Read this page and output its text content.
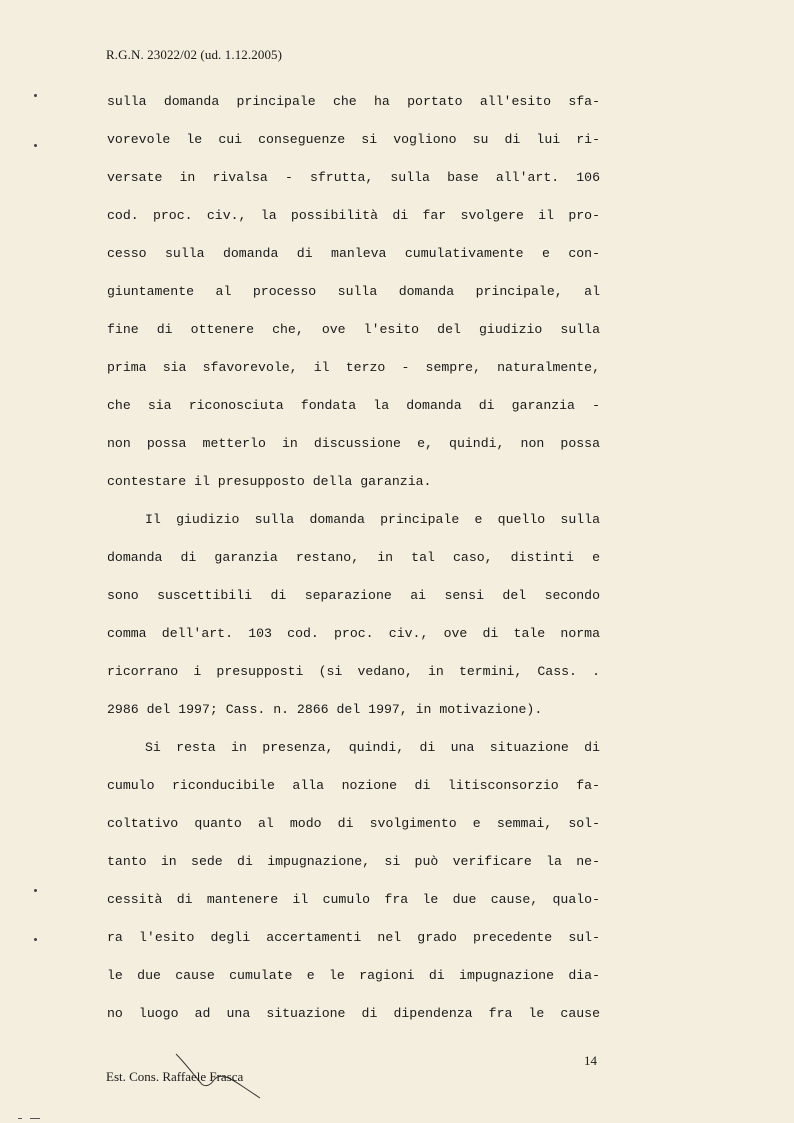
R.G.N. 23022/02 (ud. 1.12.2005)
sulla domanda principale che ha portato all'esito sfa-
vorevole le cui conseguenze si vogliono su di lui ri-
versate in rivalsa - sfrutta, sulla base all'art. 106
cod. proc. civ., la possibilità di far svolgere il pro-
cesso sulla domanda di manleva cumulativamente e con-
giuntamente al processo sulla domanda principale, al
fine di ottenere che, ove l'esito del giudizio sulla
prima sia sfavorevole, il terzo - sempre, naturalmente,
che sia riconosciuta fondata la domanda di garanzia -
non possa metterlo in discussione e, quindi, non possa
contestare il presupposto della garanzia.
Il giudizio sulla domanda principale e quello sulla
domanda di garanzia restano, in tal caso, distinti e
sono suscettibili di separazione ai sensi del secondo
comma dell'art. 103 cod. proc. civ., ove di tale norma
ricorrano i presupposti (si vedano, in termini, Cass. .
2986 del 1997; Cass. n. 2866 del 1997, in motivazione).
Si resta in presenza, quindi, di una situazione di
cumulo riconducibile alla nozione di litisconsorzio fa-
coltativo quanto al modo di svolgimento e semmai, sol-
tanto in sede di impugnazione, si può verificare la ne-
cessità di mantenere il cumulo fra le due cause, qualo-
ra l'esito degli accertamenti nel grado precedente sul-
le due cause cumulate e le ragioni di impugnazione dia-
no luogo ad una situazione di dipendenza fra le cause
14
Est. Cons. Raffaele Frasca
